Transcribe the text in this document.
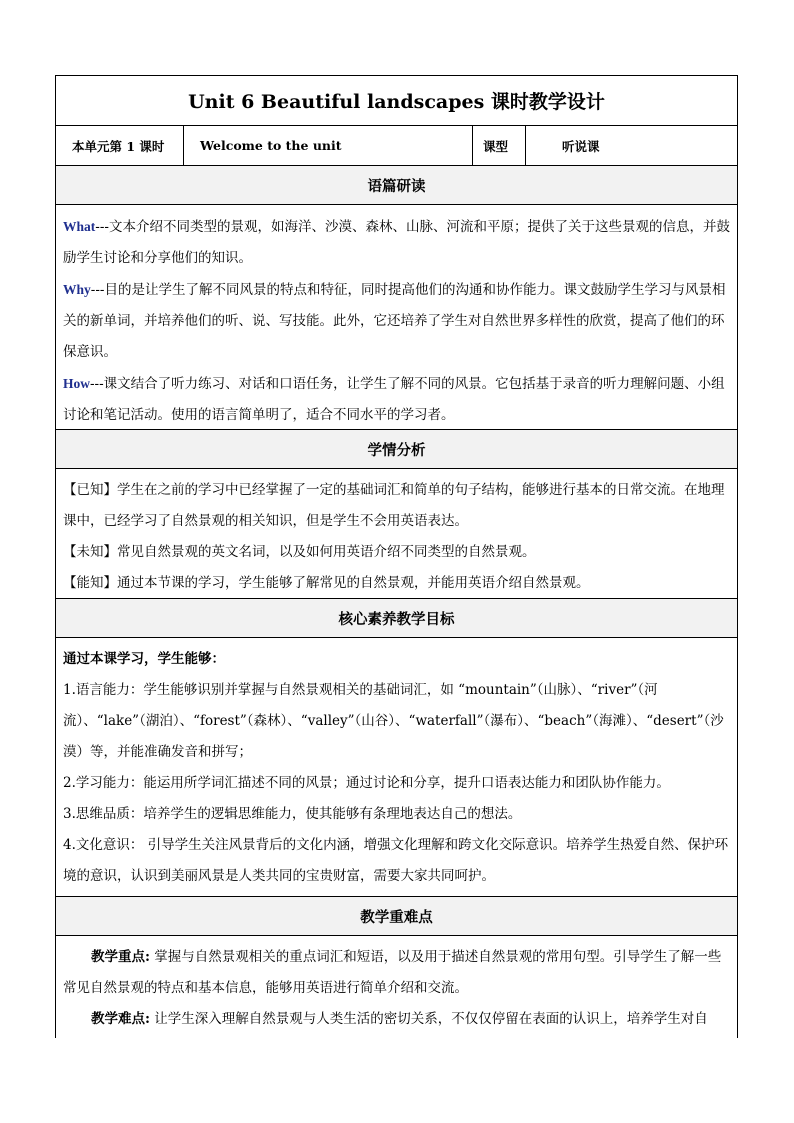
Unit 6 Beautiful landscapes 课时教学设计
本单元第 1 课时	Welcome to the unit	课型	听说课
语篇研读

What---文本介绍不同类型的景观，如海洋、沙漠、森林、山脉、河流和平原；提供了关于这些景观的信息，并鼓励学生讨论和分享他们的知识。

Why---目的是让学生了解不同风景的特点和特征，同时提高他们的沟通和协作能力。课文鼓励学生学习与风景相关的新单词，并培养他们的听、说、写技能。此外，它还培养了学生对自然世界多样性的欣赏，提高了他们的环保意识。

How---课文结合了听力练习、对话和口语任务，让学生了解不同的风景。它包括基于录音的听力理解问题、小组讨论和笔记活动。使用的语言简单明了，适合不同水平的学习者。

学情分析

【已知】学生在之前的学习中已经掌握了一定的基础词汇和简单的句子结构，能够进行基本的日常交流。在地理课中，已经学习了自然景观的相关知识，但是学生不会用英语表达。

【未知】常见自然景观的英文名词，以及如何用英语介绍不同类型的自然景观。

【能知】通过本节课的学习，学生能够了解常见的自然景观，并能用英语介绍自然景观。

核心素养教学目标

通过本课学习，学生能够：

1.语言能力：学生能够识别并掌握与自然景观相关的基础词汇，如 “mountain”（山脉）、“river”（河流）、“lake”（湖泊）、“forest”（森林）、“valley”（山谷）、“waterfall”（瀑布）、“beach”（海滩）、“desert”（沙漠）等，并能准确发音和拼写；

2.学习能力：能运用所学词汇描述不同的风景；通过讨论和分享，提升口语表达能力和团队协作能力。

3.思维品质：培养学生的逻辑思维能力，使其能够有条理地表达自己的想法。

4.文化意识： 引导学生关注风景背后的文化内涵，增强文化理解和跨文化交际意识。培养学生热爱自然、保护环境的意识，认识到美丽风景是人类共同的宝贵财富，需要大家共同呵护。

教学重难点

教学重点: 掌握与自然景观相关的重点词汇和短语，以及用于描述自然景观的常用句型。引导学生了解一些常见自然景观的特点和基本信息，能够用英语进行简单介绍和交流。

教学难点: 让学生深入理解自然景观与人类生活的密切关系，不仅仅停留在表面的认识上，培养学生对自
